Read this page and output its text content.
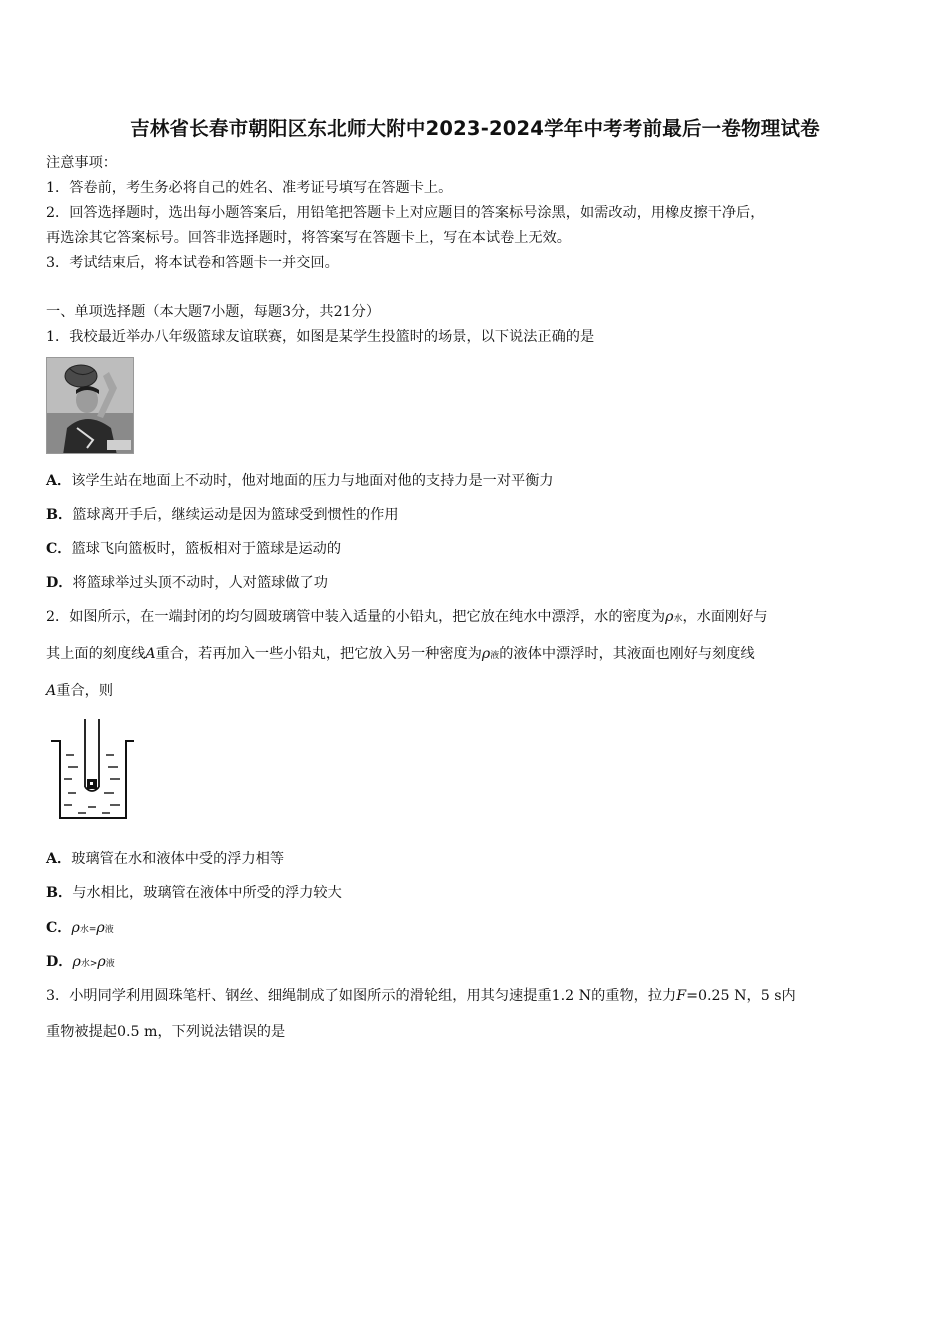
吉林省长春市朝阳区东北师大附中2023-2024学年中考考前最后一卷物理试卷
注意事项：
1．答卷前，考生务必将自己的姓名、准考证号填写在答题卡上。
2．回答选择题时，选出每小题答案后，用铅笔把答题卡上对应题目的答案标号涂黑，如需改动，用橡皮擦干净后，
再选涂其它答案标号。回答非选择题时，将答案写在答题卡上，写在本试卷上无效。
3．考试结束后，将本试卷和答题卡一并交回。
一、单项选择题（本大题7小题，每题3分，共21分）
1．我校最近举办八年级篮球友谊联赛，如图是某学生投篮时的场景，以下说法正确的是
A．该学生站在地面上不动时，他对地面的压力与地面对他的支持力是一对平衡力
B．篮球离开手后，继续运动是因为篮球受到惯性的作用
C．篮球飞向篮板时，篮板相对于篮球是运动的
D．将篮球举过头顶不动时，人对篮球做了功
2．如图所示，在一端封闭的均匀圆玻璃管中装入适量的小铅丸，把它放在纯水中漂浮，水的密度为ρ水，水面刚好与
其上面的刻度线A重合，若再加入一些小铅丸，把它放入另一种密度为ρ液的液体中漂浮时，其液面也刚好与刻度线
A重合，则
A．玻璃管在水和液体中受的浮力相等
B．与水相比，玻璃管在液体中所受的浮力较大
C．ρ水=ρ液
D．ρ水>ρ液
3．小明同学利用圆珠笔杆、钢丝、细绳制成了如图所示的滑轮组，用其匀速提重1.2 N的重物，拉力F=0.25 N，5 s内
重物被提起0.5 m，下列说法错误的是
